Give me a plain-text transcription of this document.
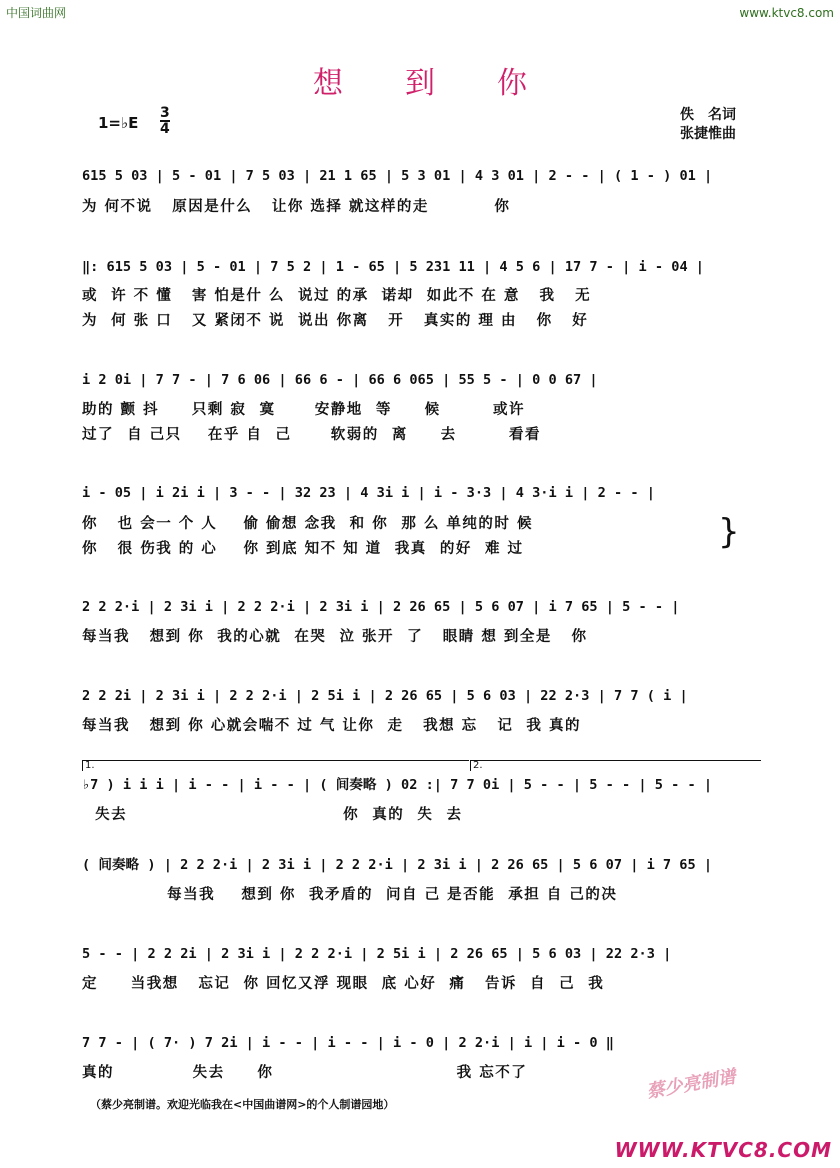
中国词曲网	www.ktvc8.com
想到你
1=♭E
3
4
佚　名词
张捷惟曲
615 5 03 | 5 - 01 | 7 5 03 | 21 1 65 | 5 3 01 | 4 3 01 | 2 - - | ( 1 - ) 01 |
为 何不说   原因是什么   让你 选择 就这样的走          你
‖: 615 5 03 | 5 - 01 | 7 5 2 | 1 - 65 | 5 231 11 | 4 5 6 | 17 7 - | i - 04 |
或  许 不 懂   害 怕是什 么  说过 的承  诺却  如此不 在 意   我   无
为  何 张 口   又 紧闭不 说  说出 你离   开   真实的 理 由   你   好
i 2 0i | 7 7 - | 7 6 06 | 66 6 - | 66 6 065 | 55 5 - | 0 0 67 |
助的 颤 抖     只剩 寂  寞      安静地  等     候        或许
过了  自 己只    在乎 自  己      软弱的  离     去        看看
i - 05 | i 2i i | 3 - - | 32 23 | 4 3i i | i - 3·3 | 4 3·i i | 2 - - |
你   也 会一 个 人    偷 偷想 念我  和 你  那 么 单纯的时 候
你   很 伤我 的 心    你 到底 知不 知 道  我真  的好  难 过	}
2 2 2·i | 2 3i i | 2 2 2·i | 2 3i i | 2 26 65 | 5 6 07 | i 7 65 | 5 - - |
每当我   想到 你  我的心就  在哭  泣 张开  了   眼睛 想 到全是   你
2 2 2i | 2 3i i | 2 2 2·i | 2 5i i | 2 26 65 | 5 6 03 | 22 2·3 | 7 7 ( i |
每当我   想到 你 心就会喘不 过 气 让你  走   我想 忘   记  我 真的
1.	2.
♭7 ) i i i | i - - | i - - | ( 间奏略 ) 02 :| 7 7 0i | 5 - - | 5 - - | 5 - - |
失去                                 你  真的  失  去
( 间奏略 ) | 2 2 2·i | 2 3i i | 2 2 2·i | 2 3i i | 2 26 65 | 5 6 07 | i 7 65 |
每当我    想到 你  我矛盾的  问自 己 是否能  承担 自 己的决
5 - - | 2 2 2i | 2 3i i | 2 2 2·i | 2 5i i | 2 26 65 | 5 6 03 | 22 2·3 |
定     当我想   忘记  你 回忆又浮 现眼  底 心好  痛   告诉  自  己  我
7 7 - | ( 7· ) 7 2i | i - - | i - - | i - 0 | 2 2·i | i | i - 0 ‖
真的            失去     你                            我 忘不了
（蔡少亮制谱。欢迎光临我在<中国曲谱网>的个人制谱园地）
蔡少亮制谱
WWW.KTVC8.COM
